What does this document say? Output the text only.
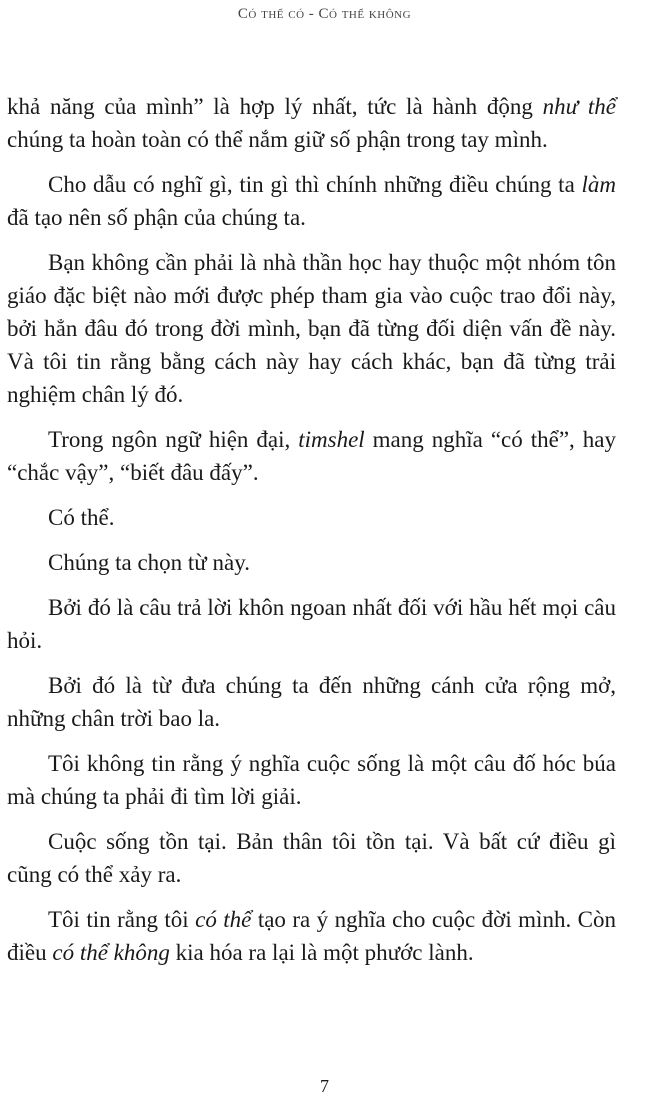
Có thể có - Có thể không

khả năng của mình” là hợp lý nhất, tức là hành động như thể chúng ta hoàn toàn có thể nắm giữ số phận trong tay mình.

Cho dẫu có nghĩ gì, tin gì thì chính những điều chúng ta làm đã tạo nên số phận của chúng ta.

Bạn không cần phải là nhà thần học hay thuộc một nhóm tôn giáo đặc biệt nào mới được phép tham gia vào cuộc trao đổi này, bởi hẳn đâu đó trong đời mình, bạn đã từng đối diện vấn đề này. Và tôi tin rằng bằng cách này hay cách khác, bạn đã từng trải nghiệm chân lý đó.

Trong ngôn ngữ hiện đại, timshel mang nghĩa “có thể”, hay “chắc vậy”, “biết đâu đấy”.

Có thể.

Chúng ta chọn từ này.

Bởi đó là câu trả lời khôn ngoan nhất đối với hầu hết mọi câu hỏi.

Bởi đó là từ đưa chúng ta đến những cánh cửa rộng mở, những chân trời bao la.

Tôi không tin rằng ý nghĩa cuộc sống là một câu đố hóc búa mà chúng ta phải đi tìm lời giải.

Cuộc sống tồn tại. Bản thân tôi tồn tại. Và bất cứ điều gì cũng có thể xảy ra.

Tôi tin rằng tôi có thể tạo ra ý nghĩa cho cuộc đời mình. Còn điều có thể không kia hóa ra lại là một phước lành.

7
